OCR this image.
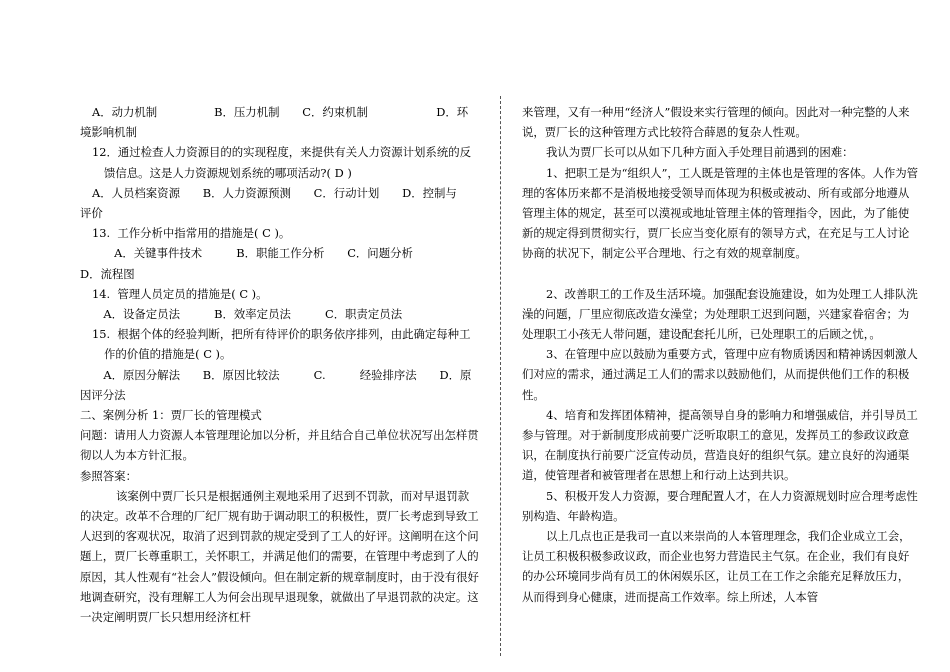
A．动力机制　　　　　B．压力机制　　C．约束机制　　　　　　D．环

境影响机制

12．通过检查人力资源目的的实现程度，来提供有关人力资源计划系统的反馈信息。这是人力资源规划系统的哪项活动?( D )

A．人员档案资源　　B．人力资源预测　　C．行动计划　　D．控制与

评价

13.  工作分析中指常用的措施是( C )。

　　　A．关键事件技术　　　B．职能工作分析　　C．问题分析

D．流程图

14.  管理人员定员的措施是( C )。

　A．设备定员法　　　B．效率定员法　　　C．职责定员法

15.  根据个体的经验判断，把所有待评价的职务依序排列，由此确定每种工作的价值的措施是( C )。

　A．原因分解法　　B．原因比较法　　　C.　　　经验排序法　　D．原

因评分法

二、案例分析 1：贾厂长的管理模式

问题：请用人力资源人本管理理论加以分析，并且结合自己单位状况写出怎样贯彻以人为本方针汇报。

参照答案：

该案例中贾厂长只是根据通例主观地采用了迟到不罚款，而对早退罚款的决定。改革不合理的厂纪厂规有助于调动职工的积极性，贾厂长考虑到导致工人迟到的客观状况，取消了迟到罚款的规定受到了工人的好评。这阐明在这个问题上，贾厂长尊重职工，关怀职工，并满足他们的需要，在管理中考虑到了人的原因，其人性观有“社会人”假设倾向。但在制定新的规章制度时，由于没有很好地调查研究，没有理解工人为何会出现早退现象，就做出了早退罚款的决定。这一决定阐明贾厂长只想用经济杠杆

来管理，又有一种用“经济人”假设来实行管理的倾向。因此对一种完整的人来说，贾厂长的这种管理方式比较符合薛恩的复杂人性观。

我认为贾厂长可以从如下几种方面入手处理目前遇到的困难：

1、把职工是为“组织人”，工人既是管理的主体也是管理的客体。人作为管理的客体历来都不是消极地接受领导而体现为积极或被动、所有或部分地遵从管理主体的规定，甚至可以漠视或地址管理主体的管理指令，因此，为了能使新的规定得到贯彻实行，贾厂长应当变化原有的领导方式，在充足与工人讨论协商的状况下，制定公平合理地、行之有效的规章制度。

2、改善职工的工作及生活环境。加强配套设施建设，如为处理工人排队洗澡的问题，厂里应彻底改造女澡堂；为处理职工迟到问题，兴建家眷宿舍；为处理职工小孩无人带问题，建设配套托儿所，已处理职工的后顾之忧，。

3、在管理中应以鼓励为重要方式，管理中应有物质诱因和精神诱因刺激人们对应的需求，通过满足工人们的需求以鼓励他们，从而提供他们工作的积极性。

4、培育和发挥团体精神，提高领导自身的影响力和增强威信，并引导员工参与管理。对于新制度形成前要广泛听取职工的意见，发挥员工的参政议政意识，在制度执行前要广泛宣传动员，营造良好的组织气氛。建立良好的沟通渠道，使管理者和被管理者在思想上和行动上达到共识。

5、积极开发人力资源，要合理配置人才，在人力资源规划时应合理考虑性别构造、年龄构造。

以上几点也正是我司一直以来崇尚的人本管理理念，我们企业成立工会，让员工积极积极参政议政，而企业也努力营造民主气氛。在企业，我们有良好的办公环境同步尚有员工的休闲娱乐区，让员工在工作之余能充足释放压力，从而得到身心健康，进而提高工作效率。综上所述，人本管
